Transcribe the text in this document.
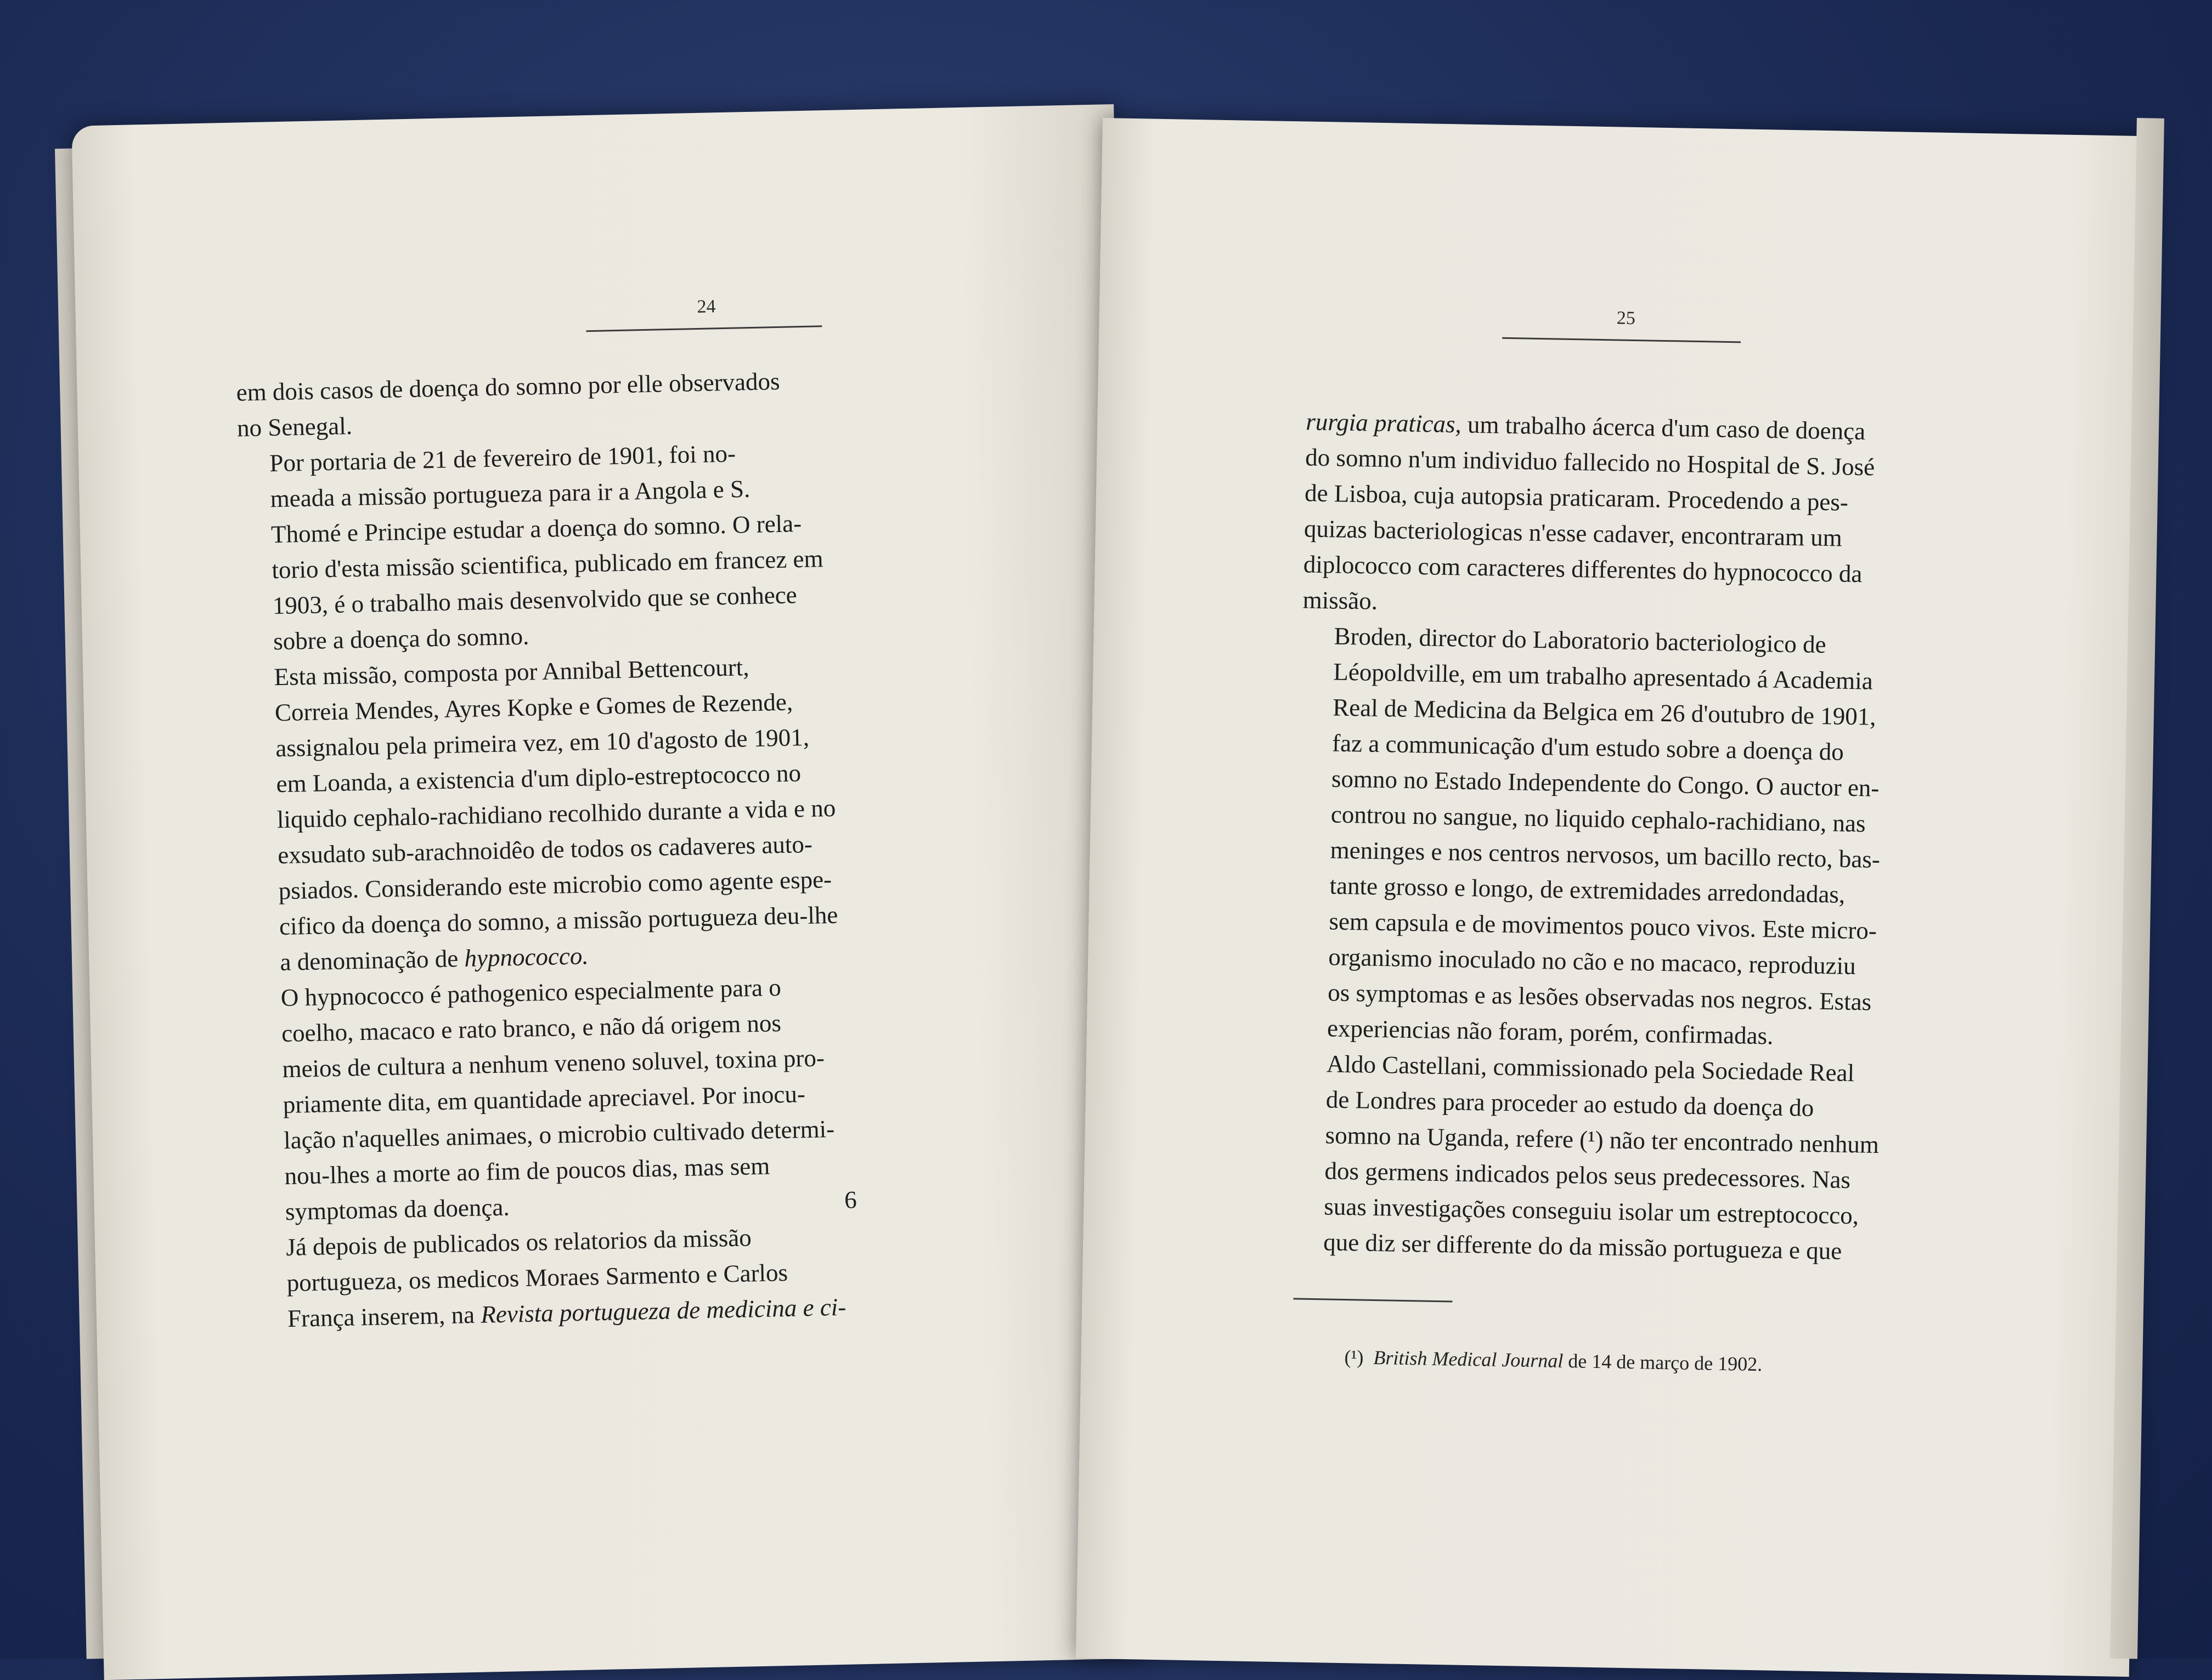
24

em dois casos de doença do somno por elle observados
no Senegal.

Por portaria de 21 de fevereiro de 1901, foi no-
meada a missão portugueza para ir a Angola e S.
Thomé e Principe estudar a doença do somno. O rela-
torio d'esta missão scientifica, publicado em francez em
1903, é o trabalho mais desenvolvido que se conhece
sobre a doença do somno.

Esta missão, composta por Annibal Bettencourt,
Correia Mendes, Ayres Kopke e Gomes de Rezende,
assignalou pela primeira vez, em 10 d'agosto de 1901,
em Loanda, a existencia d'um diplo-estreptococco no
liquido cephalo-rachidiano recolhido durante a vida e no
exsudato sub-arachnoidêo de todos os cadaveres auto-
psiados. Considerando este microbio como agente espe-
cifico da doença do somno, a missão portugueza deu-lhe
a denominação de hypnococco.

O hypnococco é pathogenico especialmente para o
coelho, macaco e rato branco, e não dá origem nos
meios de cultura a nenhum veneno soluvel, toxina pro-
priamente dita, em quantidade apreciavel. Por inocu-
lação n'aquelles animaes, o microbio cultivado determi-
nou-lhes a morte ao fim de poucos dias, mas sem
symptomas da doença.	6

Já depois de publicados os relatorios da missão
portugueza, os medicos Moraes Sarmento e Carlos
França inserem, na Revista portugueza de medicina e ci-

25

rurgia praticas, um trabalho ácerca d'um caso de doença
do somno n'um individuo fallecido no Hospital de S. José
de Lisboa, cuja autopsia praticaram. Procedendo a pes-
quizas bacteriologicas n'esse cadaver, encontraram um
diplococco com caracteres differentes do hypnococco da
missão.

Broden, director do Laboratorio bacteriologico de
Léopoldville, em um trabalho apresentado á Academia
Real de Medicina da Belgica em 26 d'outubro de 1901,
faz a communicação d'um estudo sobre a doença do
somno no Estado Independente do Congo. O auctor en-
controu no sangue, no liquido cephalo-rachidiano, nas
meninges e nos centros nervosos, um bacillo recto, bas-
tante grosso e longo, de extremidades arredondadas,
sem capsula e de movimentos pouco vivos. Este micro-
organismo inoculado no cão e no macaco, reproduziu
os symptomas e as lesões observadas nos negros. Estas
experiencias não foram, porém, confirmadas.

Aldo Castellani, commissionado pela Sociedade Real
de Londres para proceder ao estudo da doença do
somno na Uganda, refere (¹) não ter encontrado nenhum
dos germens indicados pelos seus predecessores. Nas
suas investigações conseguiu isolar um estreptococco,
que diz ser differente do da missão portugueza e que

(¹) British Medical Journal de 14 de março de 1902.
